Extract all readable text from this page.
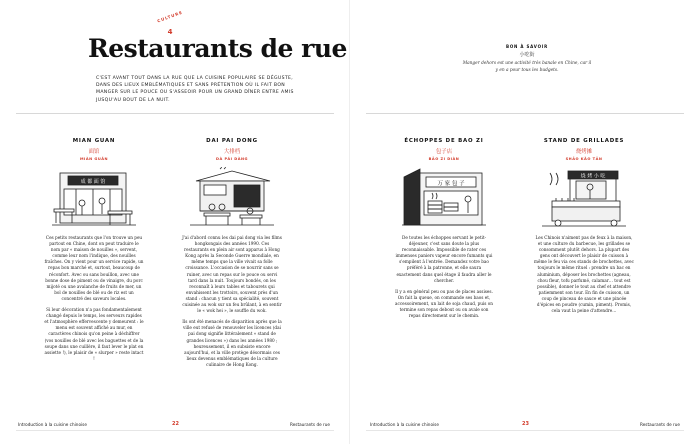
CULTURE
4
Restaurants de rue

C'EST AVANT TOUT DANS LA RUE QUE LA CUISINE POPULAIRE SE DÉGUSTE, DANS DES LIEUX EMBLÉMATIQUES ET SANS PRÉTENTION OÙ IL FAIT BON MANGER SUR LE POUCE OU S'ASSEOIR POUR UN GRAND DÎNER ENTRE AMIS JUSQU'AU BOUT DE LA NUIT.

MIAN GUAN
面馆
MIÀN GUǍN
成 都 面 馆

Ces petits restaurants que l'on trouve un peu partout en Chine, dont on peut traduire le nom par « maison de nouilles », servent, comme leur nom l'indique, des nouilles fraîches. On y vient pour un service rapide, un repas bon marché et, surtout, beaucoup de réconfort. Avec ou sans bouillon, avec une bonne dose de piment ou de vinaigre, du porc mijoté ou une avalanche de fruits de mer, un bol de nouilles de blé ou de riz est un concentré des saveurs locales.

Si leur décoration n'a pas fondamentalement changé depuis le temps, les serveurs rapides et l'atmosphère effervescente y demeurent : le menu est souvent affiché au mur, en caractères chinois qu'on peine à déchiffrer (vos nouilles de blé avec les baguettes et de la soupe dans une cuillère, il faut lever le plat en assiette !), le plaisir de « slurper » reste intact !

DAI PAI DONG
大排档
DÀ PÁI DÀNG

J'ai d'abord connu les dai pai dong via les films hongkongais des années 1990. Ces restaurants en plein air sont apparus à Hong Kong après la Seconde Guerre mondiale, en même temps que la ville vivait sa folle croissance. L'occasion de se nourrir sans se ruiner, avec un repas sur le pouce ou servi tard dans la nuit. Toujours bondés, on les reconnaît à leurs tables et tabourets qui envahissent les trottoirs, souvent près d'un stand : chacun y tient sa spécialité, souvent cuisinée au wok sur un feu brûlant, à en sentir le « wok hei », le souffle du wok.

Ils ont été menacés de disparition après que la ville eut refusé de renouveler les licences (dai pai dong signifie littéralement « stand de grandes licences ») dans les années 1980 ; heureusement, il en subsiste encore aujourd'hui, et la ville protège désormais ces lieux devenus emblématiques de la culture culinaire de Hong Kong.

Introduction à la cuisine chinoise	22	Restaurants de rue
BON À SAVOIR
小吃街
Manger dehors est une activité très banale en Chine, car il y en a pour tous les budgets.
ÉCHOPPES DE BAO ZI
包子店
BĀO ZI DIÀN
万 家 包 子

De toutes les échoppes servant le petit-déjeuner, c'est sans doute la plus reconnaissable. Impossible de rater ces immenses paniers vapeur encore fumants qui s'empilent à l'entrée. Demandez votre bao préféré à la patronne, et elle saura exactement dans quel étage il faudra aller le chercher.

Il y a en général peu ou pas de places assises. On fait la queue, on commande ses baos et, accessoirement, un lait de soja chaud, puis on termine son repas debout ou on avale son repas directement sur le chemin.

STAND DE GRILLADES
烧烤摊
SHĀO KǍO TĀN
烧 烤 小 吃

Les Chinois n'aiment pas de feux à la maison, et une culture du barbecue, les grillades se consomment plutôt dehors. La plupart des gens ont découvert le plaisir de cuisson à même le feu via ces stands de brochettes, avec toujours le même rituel : prendre un bac en aluminium, déposer les brochettes (agneau, chou fleur, tofu parfumé, calamar… tout est possible), donner le tout au chef et attendre patiemment son tour. En fin de cuisson, un coup de pinceau de sauce et une pincée d'épices en poudre (cumin, piment). Promis, cela vaut la peine d'attendre…

Introduction à la cuisine chinoise	23	Restaurants de rue
